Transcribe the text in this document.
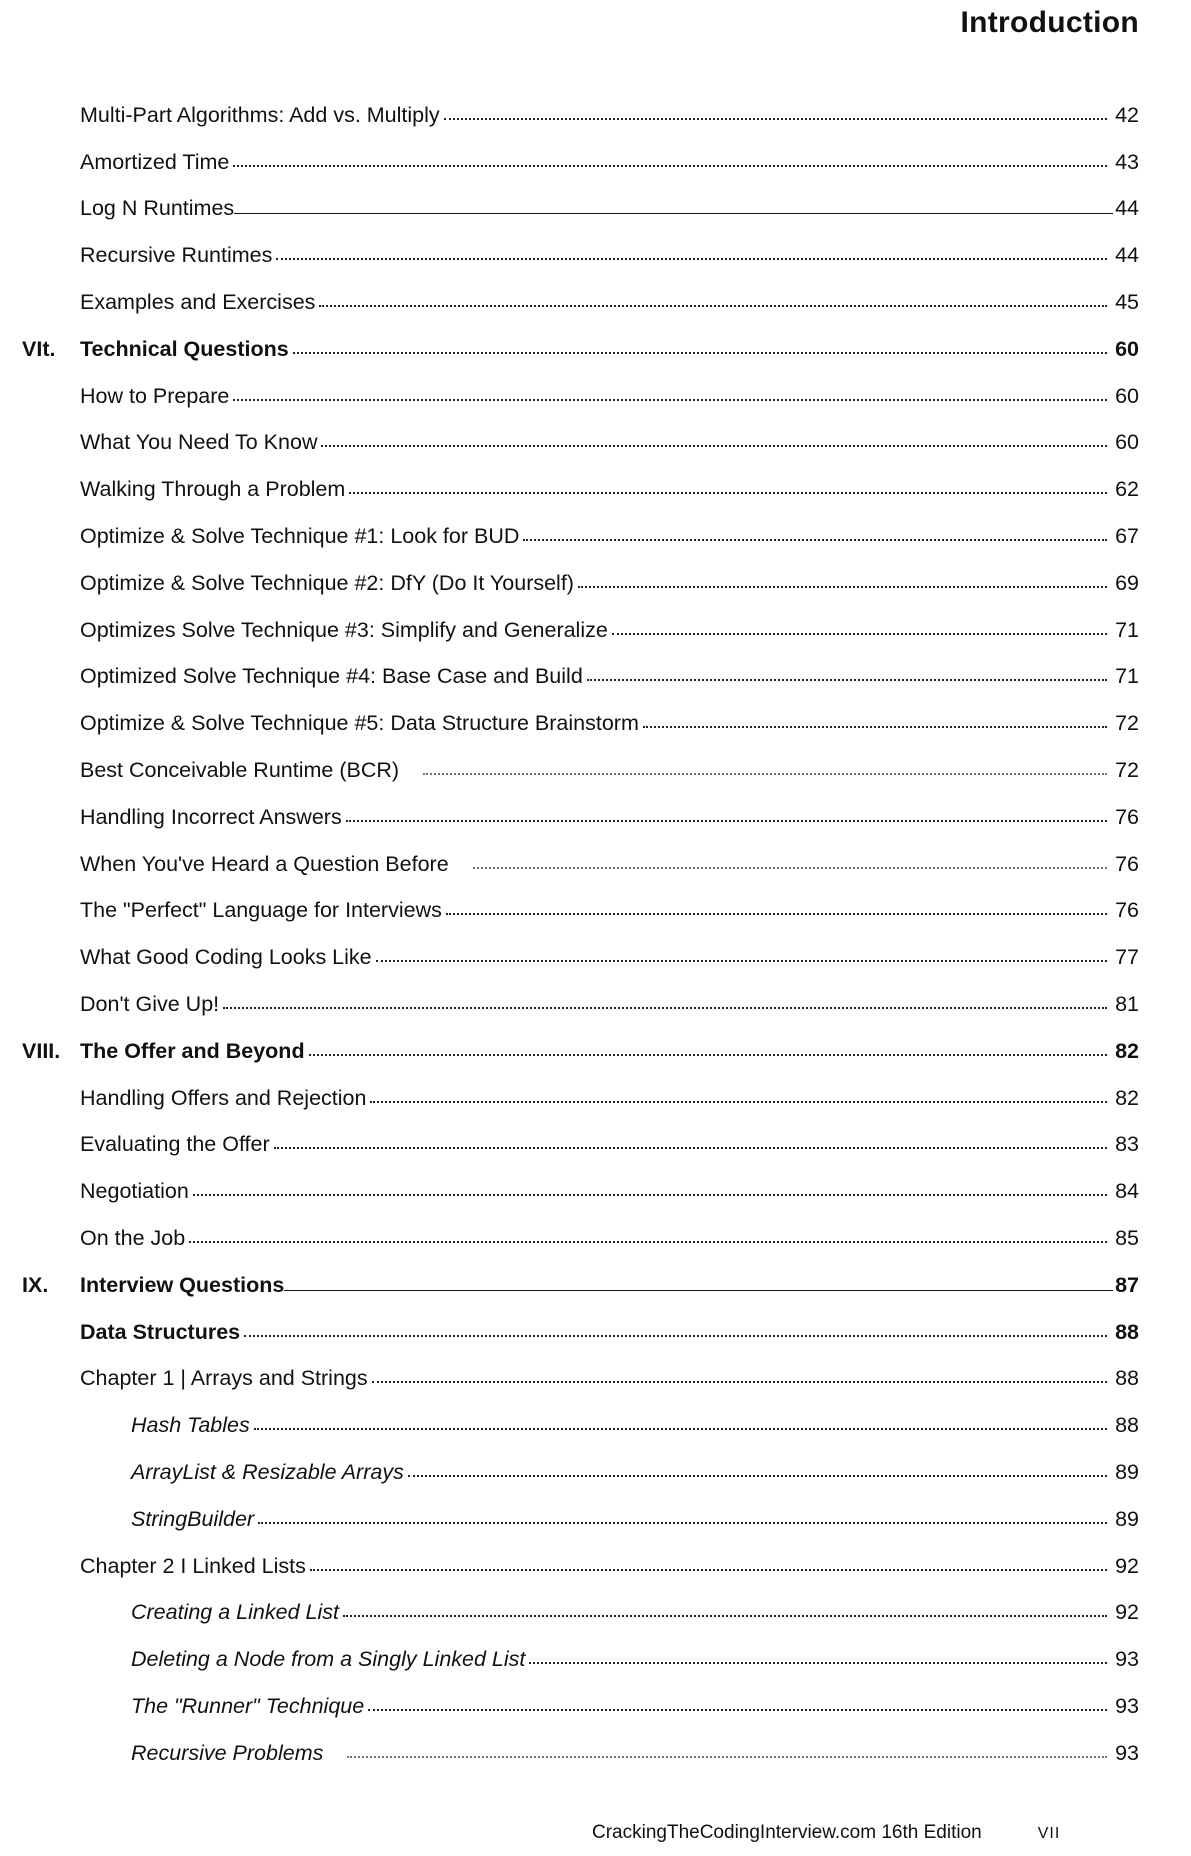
Introduction
Multi-Part Algorithms: Add vs. Multiply	42
Amortized Time	43
Log N Runtimes	44
Recursive Runtimes	44
Examples and Exercises	45
VIt.	Technical Questions	60
How to Prepare	60
What You Need To Know	60
Walking Through a Problem	62
Optimize & Solve Technique #1: Look for BUD	67
Optimize & Solve Technique #2: DfY (Do It Yourself)	69
Optimizes Solve Technique #3: Simplify and Generalize	71
Optimized Solve Technique #4: Base Case and Build	71
Optimize & Solve Technique #5: Data Structure Brainstorm	72
Best Conceivable Runtime (BCR)	72
Handling Incorrect Answers	76
When You've Heard a Question Before	76
The "Perfect" Language for Interviews	76
What Good Coding Looks Like	77
Don't Give Up!	81
VIII. The Offer and Beyond	82
Handling Offers and Rejection	82
Evaluating the Offer	83
Negotiation	84
On the Job	85
IX.	Interview Questions	87
Data Structures	88
Chapter 1 | Arrays and Strings	88
Hash Tables	88
ArrayList & Resizable Arrays	89
StringBuilder	89
Chapter 2 I Linked Lists	92
Creating a Linked List	92
Deleting a Node from a Singly Linked List	93
The "Runner" Technique	93
Recursive Problems	93
CrackingTheCodingInterview.com 16th Edition	VII
